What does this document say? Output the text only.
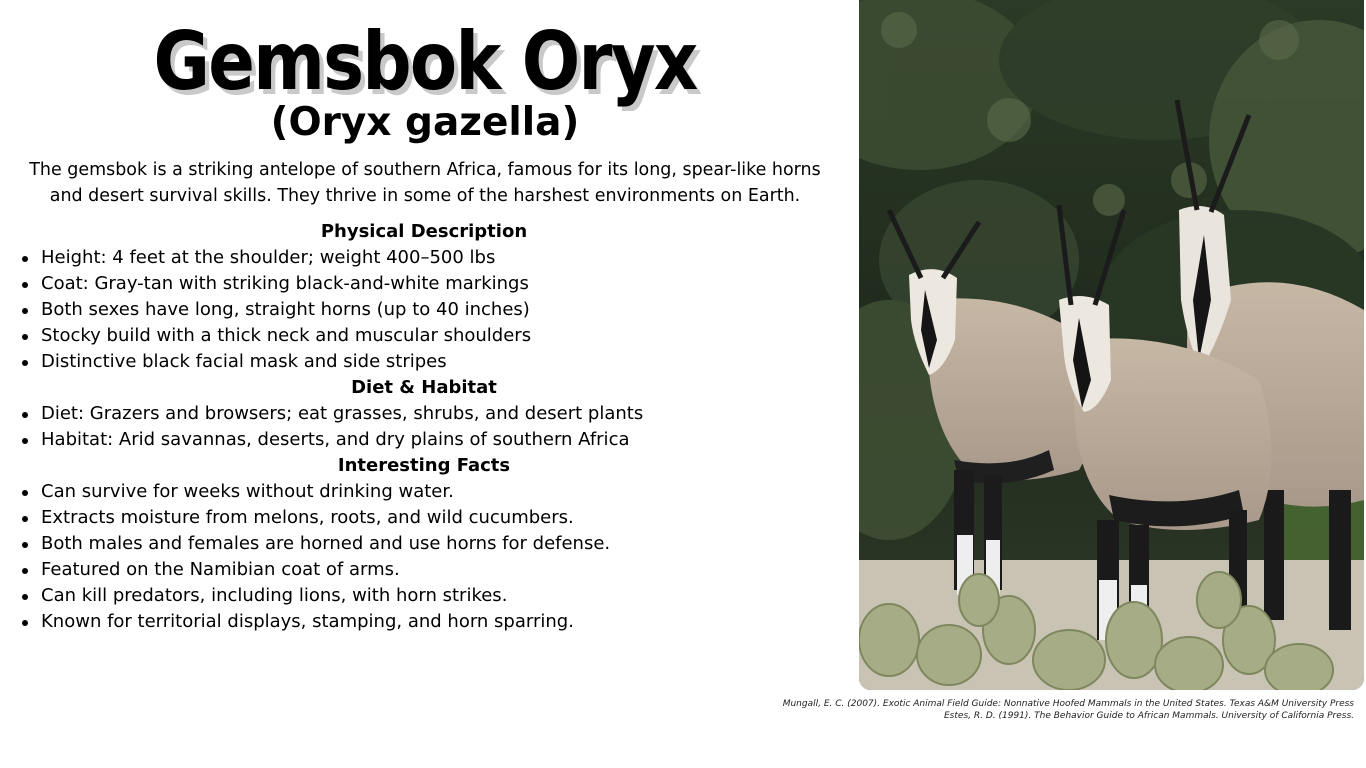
Gemsbok Oryx
(Oryx gazella)
The gemsbok is a striking antelope of southern Africa, famous for its long, spear-like horns and desert survival skills. They thrive in some of the harshest environments on Earth.
Physical Description
Height: 4 feet at the shoulder; weight 400–500 lbs
Coat: Gray-tan with striking black-and-white markings
Both sexes have long, straight horns (up to 40 inches)
Stocky build with a thick neck and muscular shoulders
Distinctive black facial mask and side stripes
Diet & Habitat
Diet: Grazers and browsers; eat grasses, shrubs, and desert plants
Habitat: Arid savannas, deserts, and dry plains of southern Africa
Interesting Facts
Can survive for weeks without drinking water.
Extracts moisture from melons, roots, and wild cucumbers.
Both males and females are horned and use horns for defense.
Featured on the Namibian coat of arms.
Can kill predators, including lions, with horn strikes.
Known for territorial displays, stamping, and horn sparring.
Mungall, E. C. (2007). Exotic Animal Field Guide: Nonnative Hoofed Mammals in the United States. Texas A&M University Press
Estes, R. D. (1991). The Behavior Guide to African Mammals. University of California Press.
